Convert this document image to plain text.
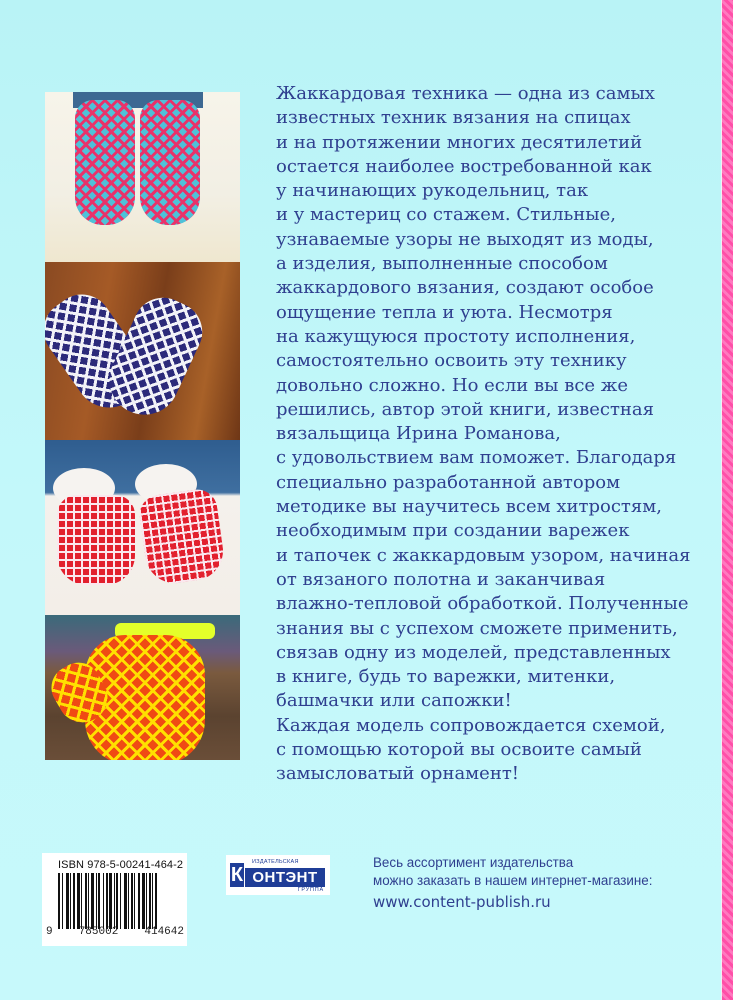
Жаккардовая техника — одна из самых
известных техник вязания на спицах
и на протяжении многих десятилетий
остается наиболее востребованной как
у начинающих рукодельниц, так
и у мастериц со стажем. Стильные,
узнаваемые узоры не выходят из моды,
а изделия, выполненные способом
жаккардового вязания, создают особое
ощущение тепла и уюта. Несмотря
на кажущуюся простоту исполнения,
самостоятельно освоить эту технику
довольно сложно. Но если вы все же
решились, автор этой книги, известная
вязальщица Ирина Романова,
с удовольствием вам поможет. Благодаря
специально разработанной автором
методике вы научитесь всем хитростям,
необходимым при создании варежек
и тапочек с жаккардовым узором, начиная
от вязаного полотна и заканчивая
влажно-тепловой обработкой. Полученные
знания вы с успехом сможете применить,
связав одну из моделей, представленных
в книге, будь то варежки, митенки,
башмачки или сапожки!
Каждая модель сопровождается схемой,
с помощью которой вы освоите самый
замысловатый орнамент!
ISBN 978-5-00241-464-2
9 785002 414642
ИЗДАТЕЛЬСКАЯ
К ОНТЭНТ
ГРУППА
Весь ассортимент издательства
можно заказать в нашем интернет-магазине:
www.content-publish.ru
